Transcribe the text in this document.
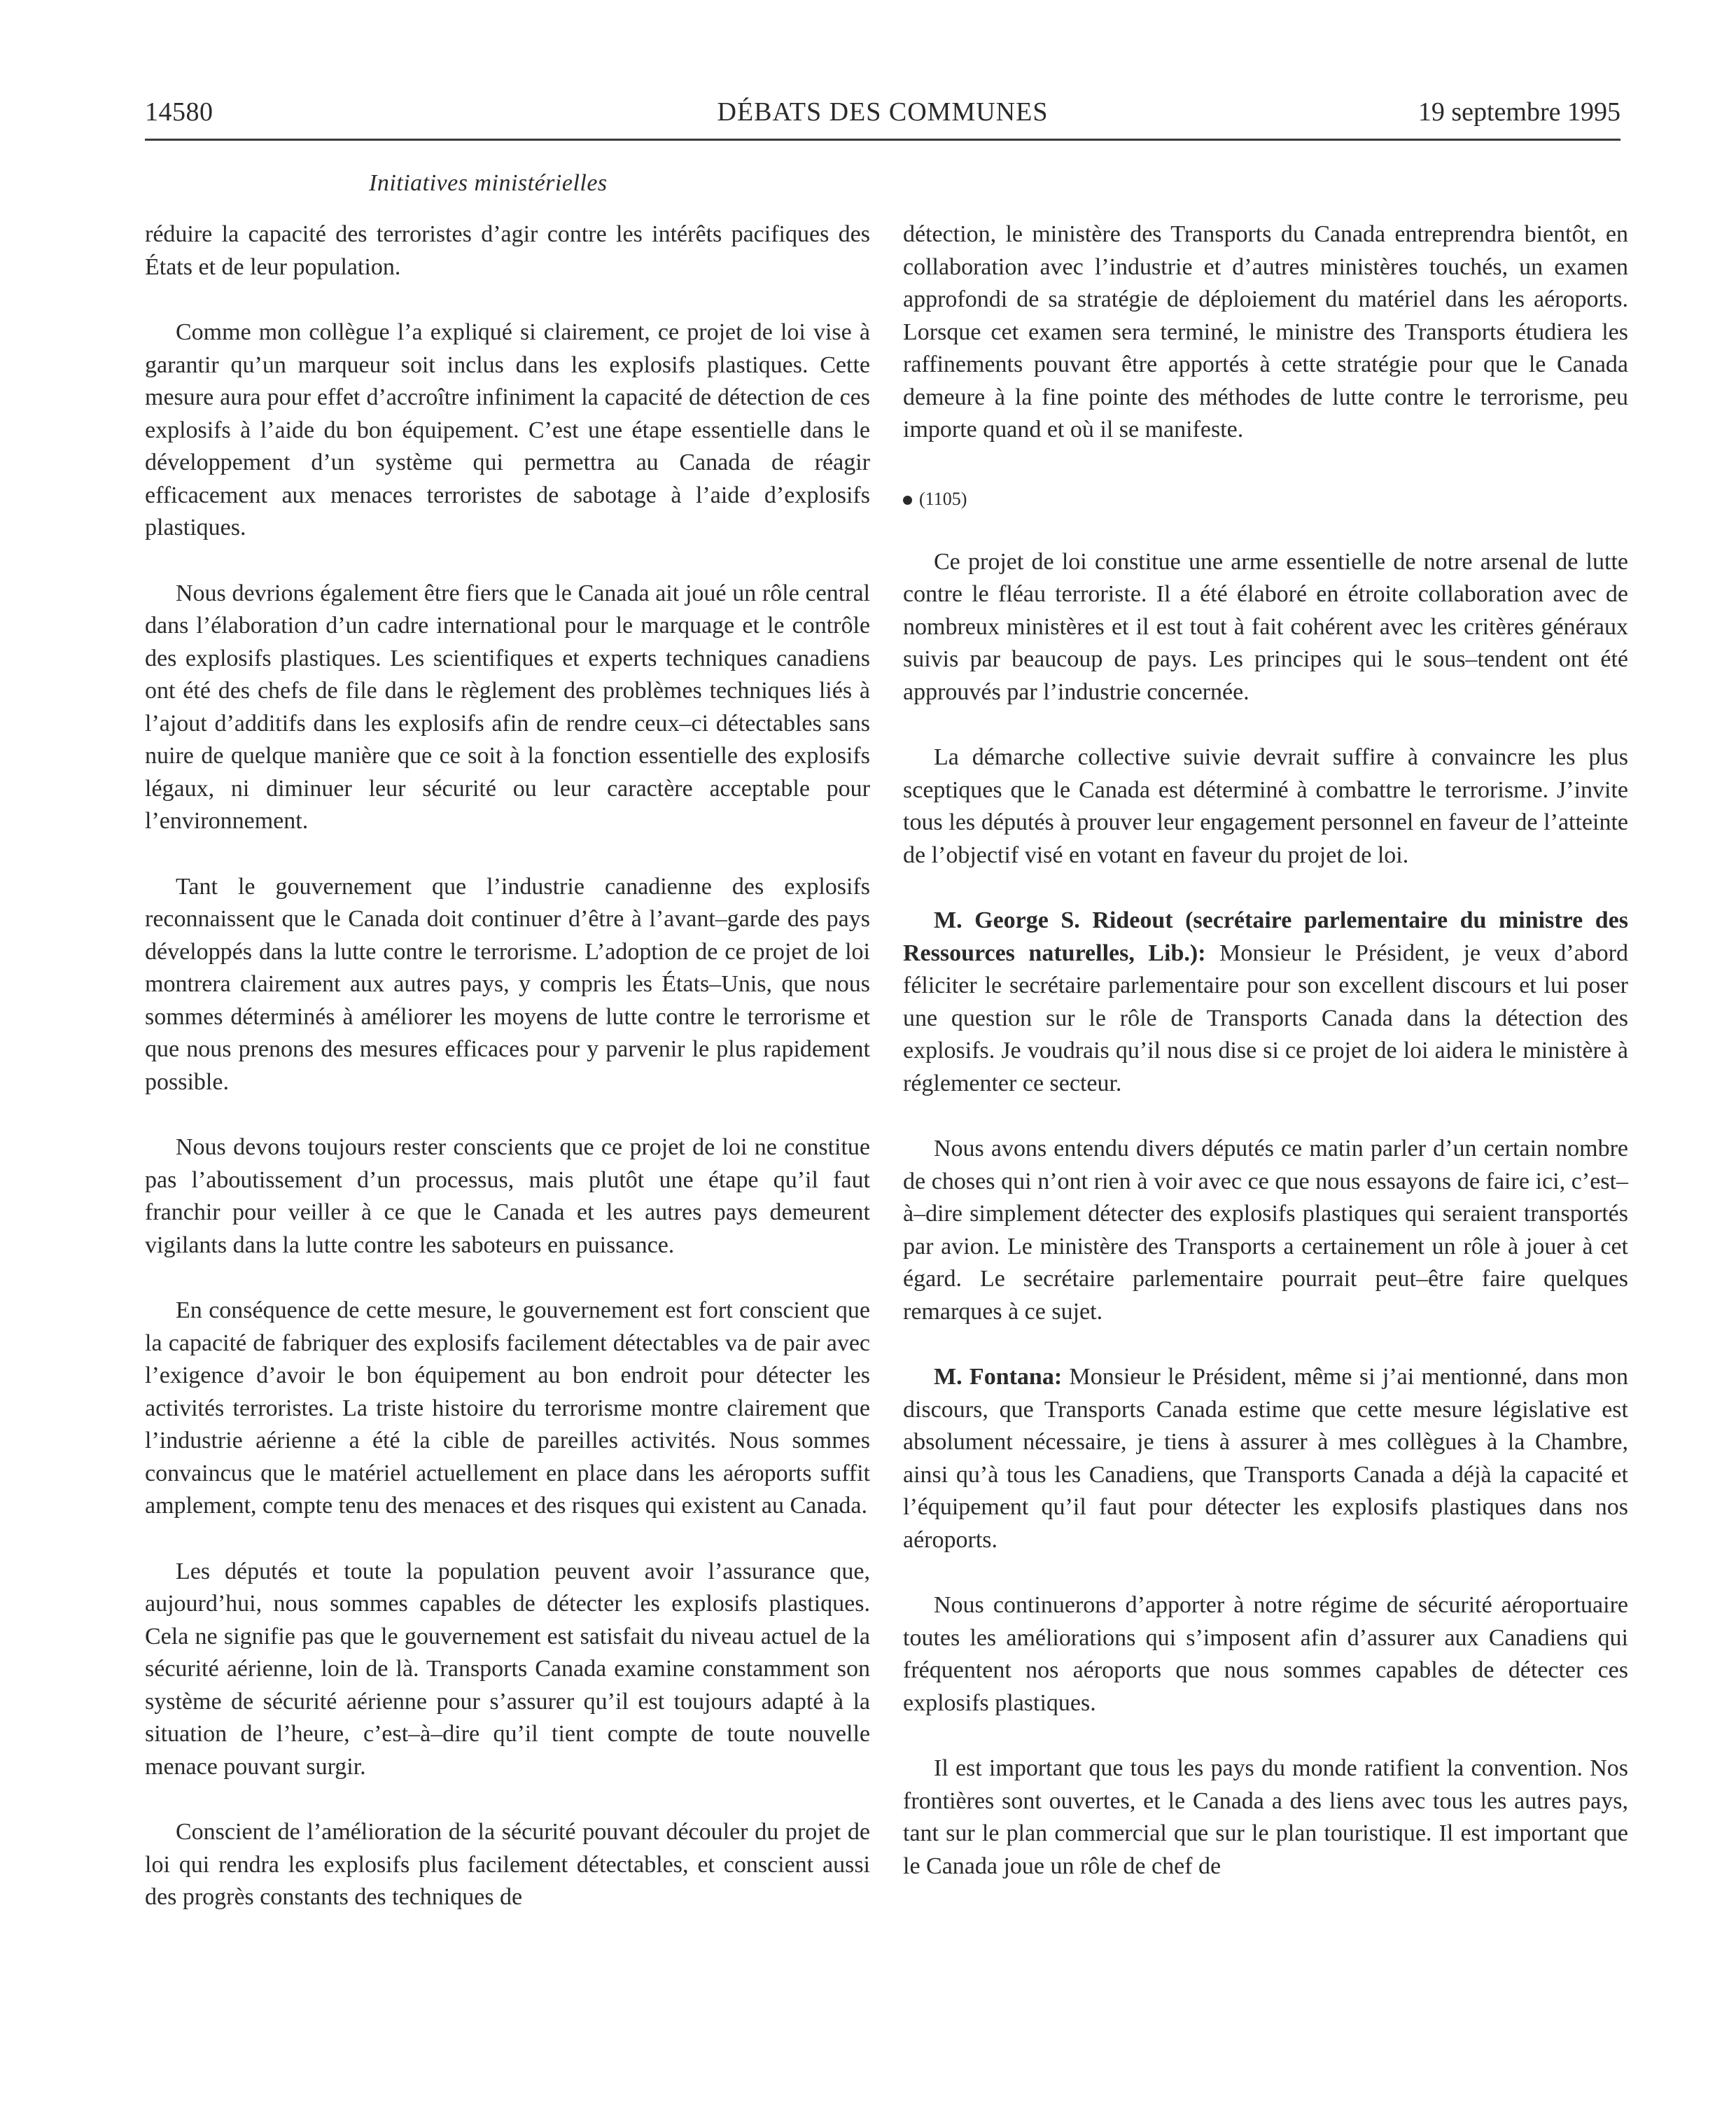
14580	DÉBATS DES COMMUNES	19 septembre 1995
Initiatives ministérielles

réduire la capacité des terroristes d’agir contre les intérêts pacifiques des États et de leur population.

Comme mon collègue l’a expliqué si clairement, ce projet de loi vise à garantir qu’un marqueur soit inclus dans les explosifs plastiques. Cette mesure aura pour effet d’accroître infiniment la capacité de détection de ces explosifs à l’aide du bon équipement. C’est une étape essentielle dans le développement d’un système qui permettra au Canada de réagir efficacement aux menaces terroristes de sabotage à l’aide d’explosifs plastiques.

Nous devrions également être fiers que le Canada ait joué un rôle central dans l’élaboration d’un cadre international pour le marquage et le contrôle des explosifs plastiques. Les scientifiques et experts techniques canadiens ont été des chefs de file dans le règlement des problèmes techniques liés à l’ajout d’additifs dans les explosifs afin de rendre ceux–ci détectables sans nuire de quelque manière que ce soit à la fonction essentielle des explosifs légaux, ni diminuer leur sécurité ou leur caractère acceptable pour l’environnement.

Tant le gouvernement que l’industrie canadienne des explosifs reconnaissent que le Canada doit continuer d’être à l’avant–garde des pays développés dans la lutte contre le terrorisme. L’adoption de ce projet de loi montrera clairement aux autres pays, y compris les États–Unis, que nous sommes déterminés à améliorer les moyens de lutte contre le terrorisme et que nous prenons des mesures efficaces pour y parvenir le plus rapidement possible.

Nous devons toujours rester conscients que ce projet de loi ne constitue pas l’aboutissement d’un processus, mais plutôt une étape qu’il faut franchir pour veiller à ce que le Canada et les autres pays demeurent vigilants dans la lutte contre les saboteurs en puissance.

En conséquence de cette mesure, le gouvernement est fort conscient que la capacité de fabriquer des explosifs facilement détectables va de pair avec l’exigence d’avoir le bon équipement au bon endroit pour détecter les activités terroristes. La triste histoire du terrorisme montre clairement que l’industrie aérienne a été la cible de pareilles activités. Nous sommes convaincus que le matériel actuellement en place dans les aéroports suffit amplement, compte tenu des menaces et des risques qui existent au Canada.

Les députés et toute la population peuvent avoir l’assurance que, aujourd’hui, nous sommes capables de détecter les explosifs plastiques. Cela ne signifie pas que le gouvernement est satisfait du niveau actuel de la sécurité aérienne, loin de là. Transports Canada examine constamment son système de sécurité aérienne pour s’assurer qu’il est toujours adapté à la situation de l’heure, c’est–à–dire qu’il tient compte de toute nouvelle menace pouvant surgir.

Conscient de l’amélioration de la sécurité pouvant découler du projet de loi qui rendra les explosifs plus facilement détectables, et conscient aussi des progrès constants des techniques de

détection, le ministère des Transports du Canada entreprendra bientôt, en collaboration avec l’industrie et d’autres ministères touchés, un examen approfondi de sa stratégie de déploiement du matériel dans les aéroports. Lorsque cet examen sera terminé, le ministre des Transports étudiera les raffinements pouvant être apportés à cette stratégie pour que le Canada demeure à la fine pointe des méthodes de lutte contre le terrorisme, peu importe quand et où il se manifeste.

(1105)

Ce projet de loi constitue une arme essentielle de notre arsenal de lutte contre le fléau terroriste. Il a été élaboré en étroite collaboration avec de nombreux ministères et il est tout à fait cohérent avec les critères généraux suivis par beaucoup de pays. Les principes qui le sous–tendent ont été approuvés par l’industrie concernée.

La démarche collective suivie devrait suffire à convaincre les plus sceptiques que le Canada est déterminé à combattre le terrorisme. J’invite tous les députés à prouver leur engagement personnel en faveur de l’atteinte de l’objectif visé en votant en faveur du projet de loi.

M. George S. Rideout (secrétaire parlementaire du ministre des Ressources naturelles, Lib.): Monsieur le Président, je veux d’abord féliciter le secrétaire parlementaire pour son excellent discours et lui poser une question sur le rôle de Transports Canada dans la détection des explosifs. Je voudrais qu’il nous dise si ce projet de loi aidera le ministère à réglementer ce secteur.

Nous avons entendu divers députés ce matin parler d’un certain nombre de choses qui n’ont rien à voir avec ce que nous essayons de faire ici, c’est–à–dire simplement détecter des explosifs plastiques qui seraient transportés par avion. Le ministère des Transports a certainement un rôle à jouer à cet égard. Le secrétaire parlementaire pourrait peut–être faire quelques remarques à ce sujet.

M. Fontana: Monsieur le Président, même si j’ai mentionné, dans mon discours, que Transports Canada estime que cette mesure législative est absolument nécessaire, je tiens à assurer à mes collègues à la Chambre, ainsi qu’à tous les Canadiens, que Transports Canada a déjà la capacité et l’équipement qu’il faut pour détecter les explosifs plastiques dans nos aéroports.

Nous continuerons d’apporter à notre régime de sécurité aéroportuaire toutes les améliorations qui s’imposent afin d’assurer aux Canadiens qui fréquentent nos aéroports que nous sommes capables de détecter ces explosifs plastiques.

Il est important que tous les pays du monde ratifient la convention. Nos frontières sont ouvertes, et le Canada a des liens avec tous les autres pays, tant sur le plan commercial que sur le plan touristique. Il est important que le Canada joue un rôle de chef de
